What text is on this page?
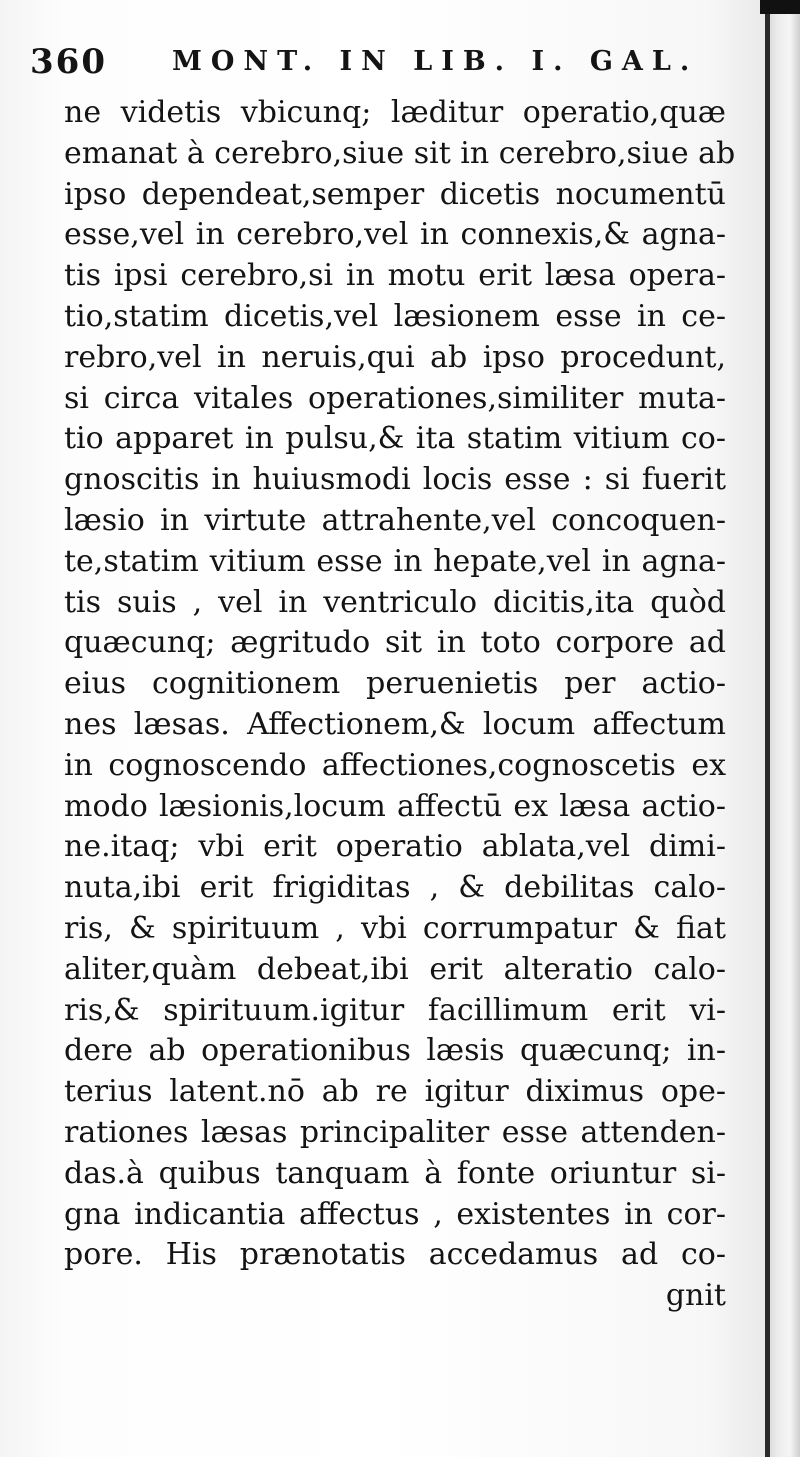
360 MONT. IN LIB. I. GAL.
ne videtis vbicunq; læditur operatio,quæ
emanat à cerebro,siue sit in cerebro,siue ab
ipso dependeat,semper dicetis nocumentū
esse,vel in cerebro,vel in connexis,& agna-
tis ipsi cerebro,si in motu erit læsa opera-
tio,statim dicetis,vel læsionem esse in ce-
rebro,vel in neruis,qui ab ipso procedunt,
si circa vitales operationes,similiter muta-
tio apparet in pulsu,& ita statim vitium co-
gnoscitis in huiusmodi locis esse : si fuerit
læsio in virtute attrahente,vel concoquen-
te,statim vitium esse in hepate,vel in agna-
tis suis , vel in ventriculo dicitis,ita quòd
quæcunq; ægritudo sit in toto corpore ad
eius cognitionem peruenietis per actio-
nes læsas. Affectionem,& locum affectum
in cognoscendo affectiones,cognoscetis ex
modo læsionis,locum affectū ex læsa actio-
ne.itaq; vbi erit operatio ablata,vel dimi-
nuta,ibi erit frigiditas , & debilitas calo-
ris, & spirituum , vbi corrumpatur & fiat
aliter,quàm debeat,ibi erit alteratio calo-
ris,& spirituum.igitur facillimum erit vi-
dere ab operationibus læsis quæcunq; in-
terius latent.nō ab re igitur diximus ope-
rationes læsas principaliter esse attenden-
das.à quibus tanquam à fonte oriuntur si-
gna indicantia affectus , existentes in cor-
pore. His prænotatis accedamus ad co-
gnit
